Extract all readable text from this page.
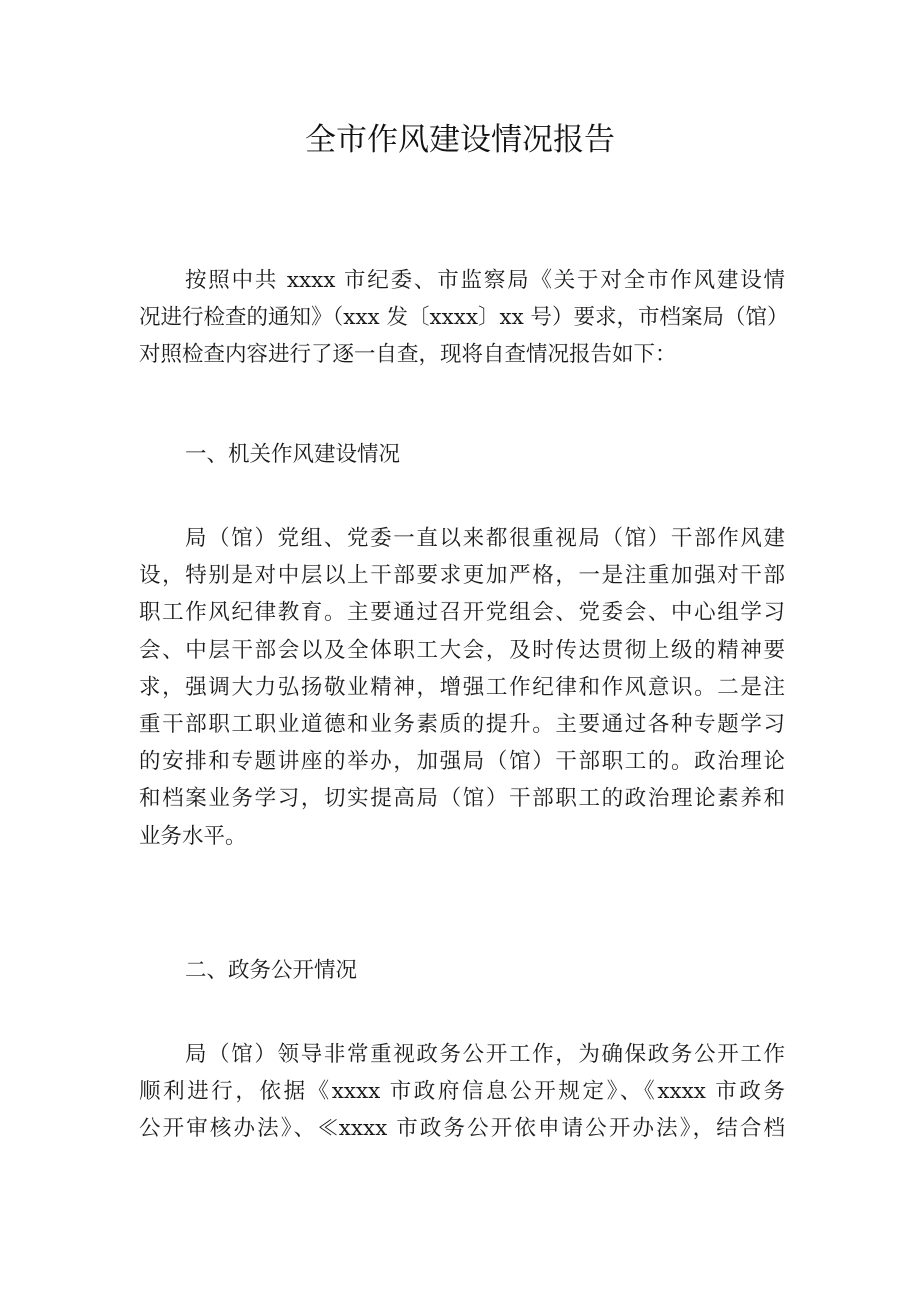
全市作风建设情况报告
按照中共 xxxx 市纪委、市监察局《关于对全市作风建设情
况进行检查的通知》（xxx 发〔xxxx〕xx 号）要求，市档案局（馆）
对照检查内容进行了逐一自查，现将自查情况报告如下：
一、机关作风建设情况
局（馆）党组、党委一直以来都很重视局（馆）干部作风建
设，特别是对中层以上干部要求更加严格，一是注重加强对干部
职工作风纪律教育。主要通过召开党组会、党委会、中心组学习
会、中层干部会以及全体职工大会，及时传达贯彻上级的精神要
求，强调大力弘扬敬业精神，增强工作纪律和作风意识。二是注
重干部职工职业道德和业务素质的提升。主要通过各种专题学习
的安排和专题讲座的举办，加强局（馆）干部职工的。政治理论
和档案业务学习，切实提高局（馆）干部职工的政治理论素养和
业务水平。
二、政务公开情况
局（馆）领导非常重视政务公开工作，为确保政务公开工作
顺利进行，依据《xxxx 市政府信息公开规定》、《xxxx 市政务
公开审核办法》、≪xxxx 市政务公开依申请公开办法》，结合档
